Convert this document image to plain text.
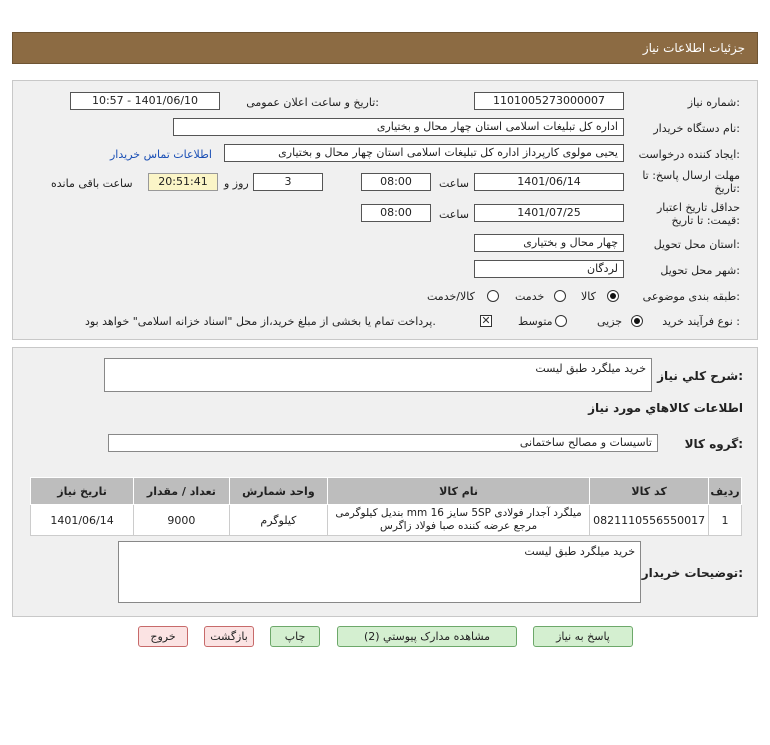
جزئیات اطلاعات نیاز
شماره نیاز:
1101005273000007
تاریخ و ساعت اعلان عمومی:
1401/06/10 - 10:57
نام دستگاه خریدار:
اداره کل تبلیغات اسلامی استان چهار محال و بختیاری
ایجاد کننده درخواست:
یحیی مولوی کارپرداز اداره کل تبلیغات اسلامی استان چهار محال و بختیاری
اطلاعات تماس خریدار
مهلت ارسال پاسخ: تا
تاریخ:
1401/06/14
ساعت
08:00
3
روز و
20:51:41
ساعت باقی مانده
حداقل تاریخ اعتبار
قیمت: تا تاریخ:
1401/07/25
ساعت
08:00
استان محل تحویل:
چهار محال و بختیاری
شهر محل تحویل:
لردگان
طبقه بندی موضوعی:
کالا
خدمت
کالا/خدمت
نوع فرآیند خرید :
جزیی
متوسط
✕
پرداخت تمام یا بخشی از مبلغ خرید،از محل "اسناد خزانه اسلامی" خواهد بود.
شرح کلي نياز:
خرید میلگرد طبق لیست
اطلاعات کالاهاي مورد نياز
گروه کالا:
تاسیسات و مصالح ساختمانی
ردیف	کد کالا	نام کالا	واحد شمارش	تعداد / مقدار	تاریخ نیاز
1	0821110556550017	میلگرد آجدار فولادی 5SP سایز 16 mm بندیل کیلوگرمی مرجع عرضه کننده صبا فولاد زاگرس	کیلوگرم	9000	1401/06/14
توضیحات خریدار:
خرید میلگرد طبق لیست
پاسخ به نیاز
مشاهده مدارک پیوستي (2)
چاپ
بازگشت
خروج
